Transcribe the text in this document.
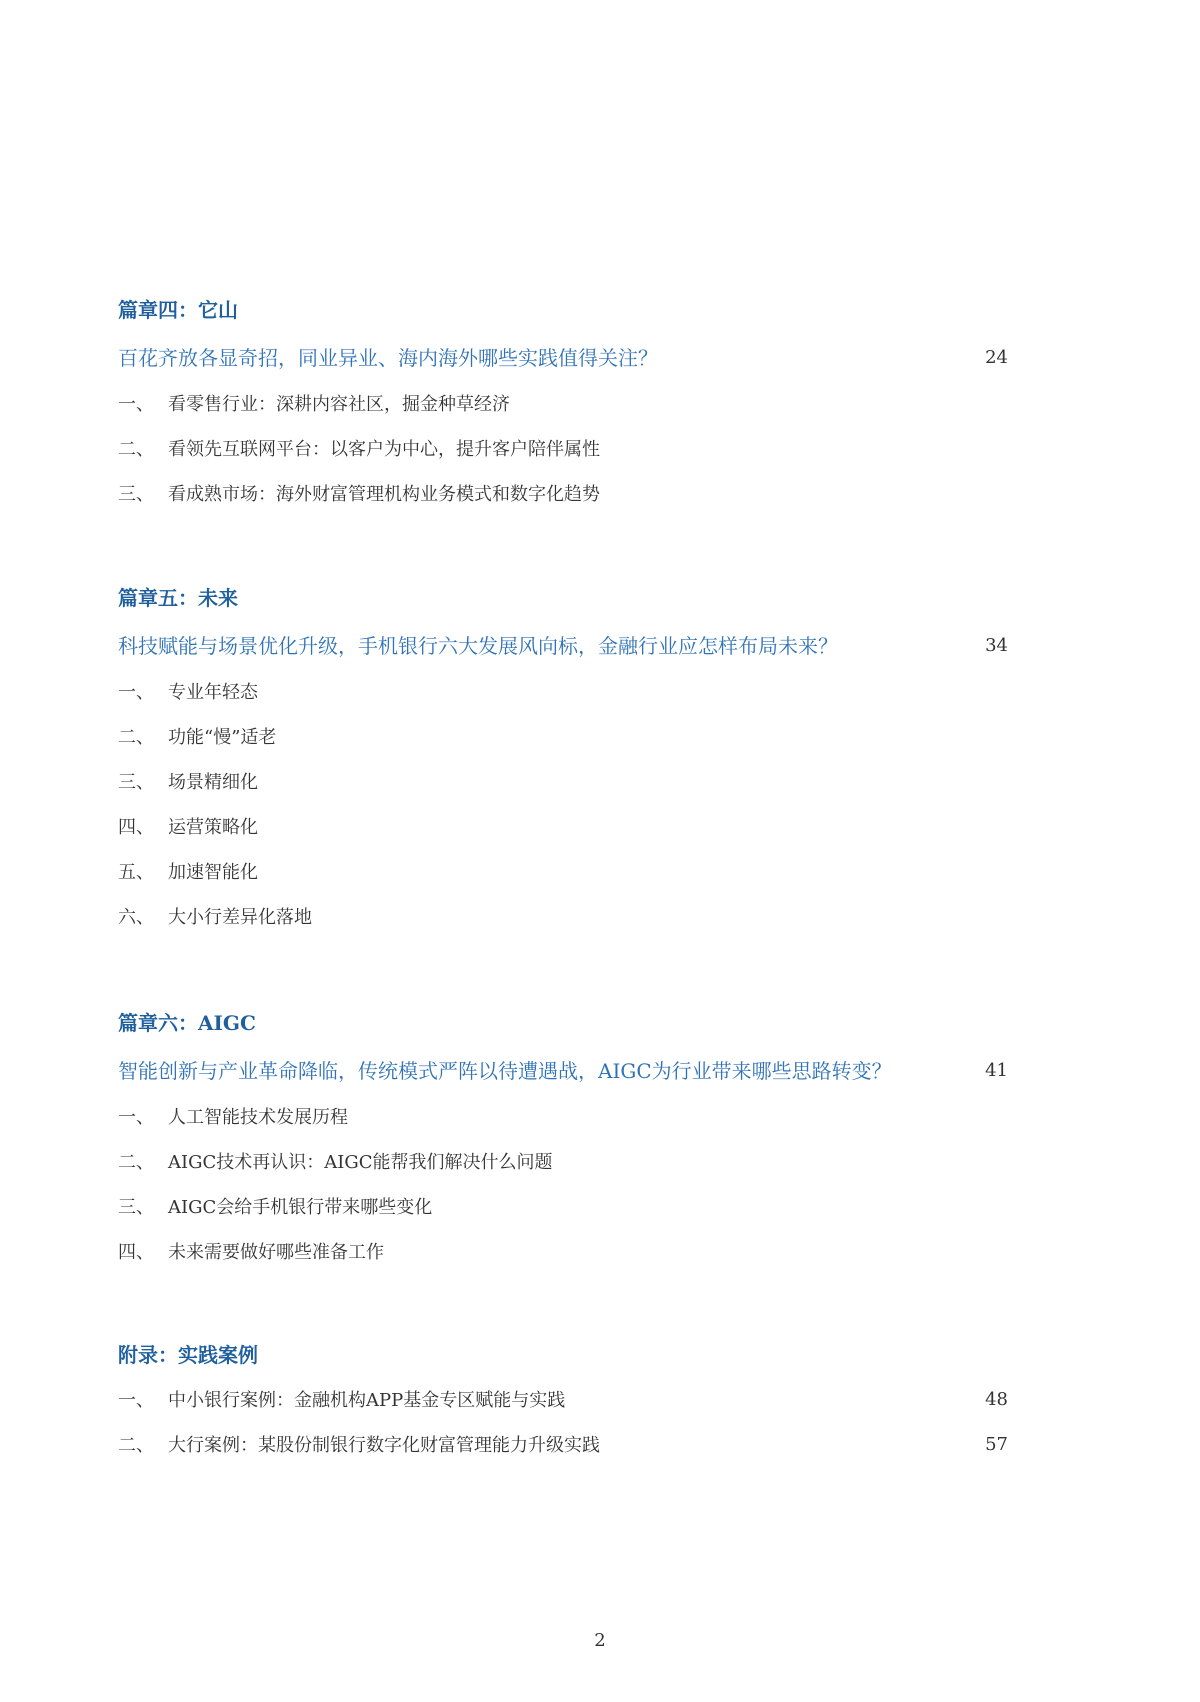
篇章四：它山
百花齐放各显奇招，同业异业、海内海外哪些实践值得关注？	24
一、 看零售行业：深耕内容社区，掘金种草经济
二、 看领先互联网平台：以客户为中心，提升客户陪伴属性
三、 看成熟市场：海外财富管理机构业务模式和数字化趋势
篇章五：未来
科技赋能与场景优化升级，手机银行六大发展风向标，金融行业应怎样布局未来？	34
一、 专业年轻态
二、 功能“慢”适老
三、 场景精细化
四、 运营策略化
五、 加速智能化
六、 大小行差异化落地
篇章六：AIGC
智能创新与产业革命降临，传统模式严阵以待遭遇战，AIGC为行业带来哪些思路转变？	41
一、 人工智能技术发展历程
二、 AIGC技术再认识：AIGC能帮我们解决什么问题
三、 AIGC会给手机银行带来哪些变化
四、 未来需要做好哪些准备工作
附录：实践案例
一、 中小银行案例：金融机构APP基金专区赋能与实践	48
二、 大行案例：某股份制银行数字化财富管理能力升级实践	57
2
